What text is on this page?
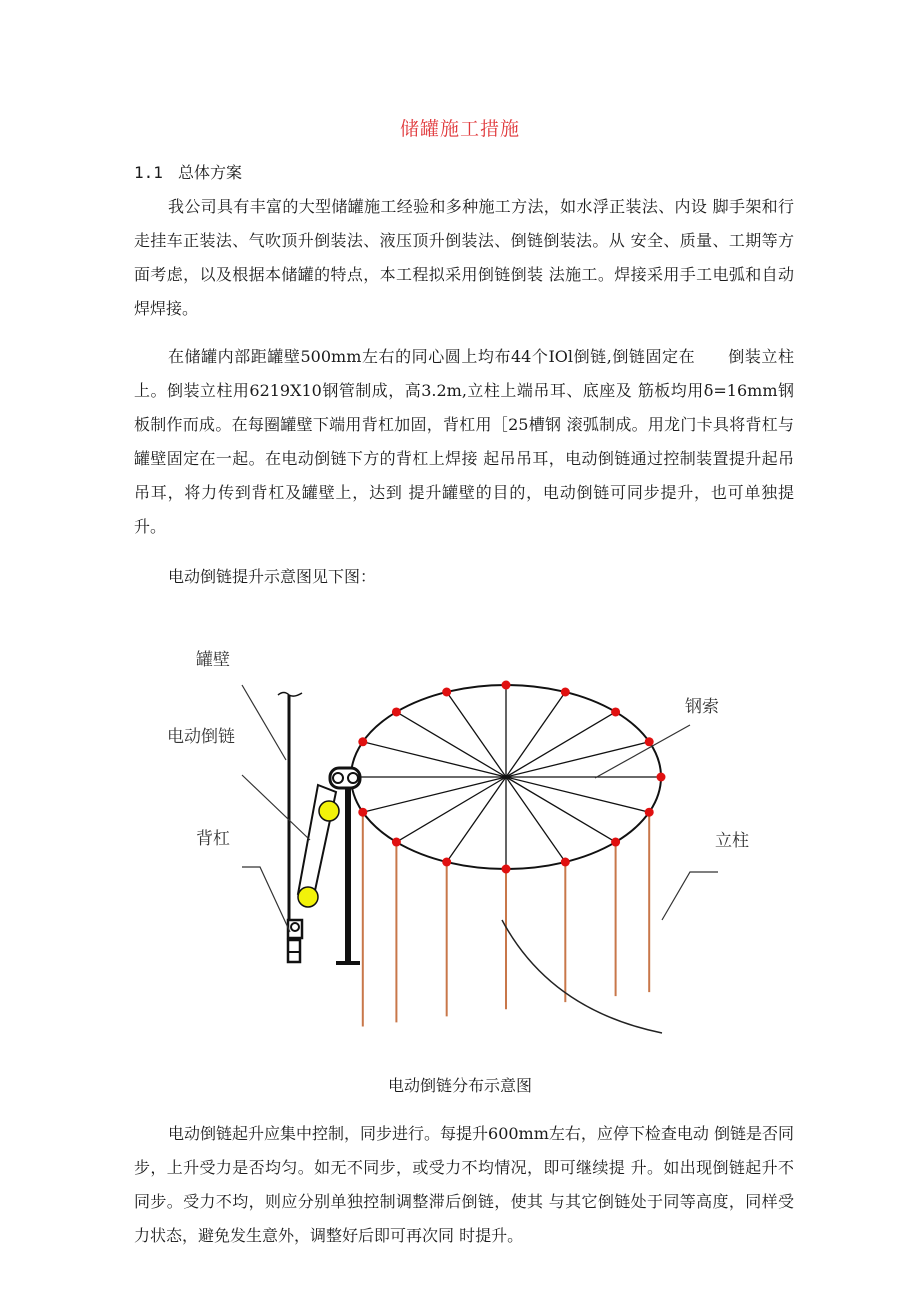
储罐施工措施
1.1 总体方案

我公司具有丰富的大型储罐施工经验和多种施工方法，如水浮正装法、内设 脚手架和行走挂车正装法、气吹顶升倒装法、液压顶升倒装法、倒链倒装法。从 安全、质量、工期等方面考虑，以及根据本储罐的特点，本工程拟采用倒链倒装 法施工。焊接采用手工电弧和自动焊焊接。

在储罐内部距罐壁500mm左右的同心圆上均布44个IOl倒链,倒链固定在　　倒装立柱上。倒装立柱用6219X10钢管制成，高3.2m,立柱上端吊耳、底座及 筋板均用δ=16mm钢板制作而成。在每圈罐壁下端用背杠加固，背杠用［25槽钢 滚弧制成。用龙门卡具将背杠与罐壁固定在一起。在电动倒链下方的背杠上焊接 起吊吊耳，电动倒链通过控制装置提升起吊吊耳，将力传到背杠及罐壁上，达到 提升罐壁的目的，电动倒链可同步提升，也可单独提升。

电动倒链提升示意图见下图：

罐壁
电动倒链
背杠
钢索
立柱
电动倒链分布示意图

电动倒链起升应集中控制，同步进行。每提升600mm左右，应停下检查电动 倒链是否同步，上升受力是否均匀。如无不同步，或受力不均情况，即可继续提 升。如出现倒链起升不同步。受力不均，则应分别单独控制调整滞后倒链，使其 与其它倒链处于同等高度，同样受力状态，避免发生意外，调整好后即可再次同 时提升。
